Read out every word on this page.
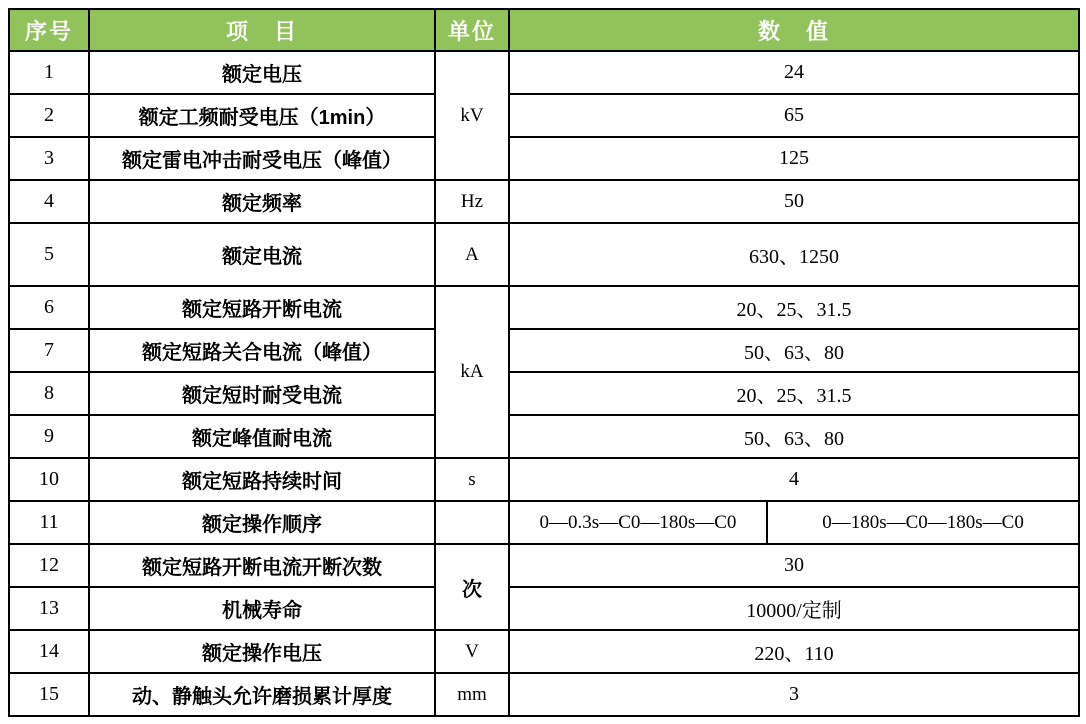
序号	项　目	单位	数　值	
1	额定电压	kV	24	
2	额定工频耐受电压（1min）		65	
3	额定雷电冲击耐受电压（峰值）		125	
4	额定频率	Hz	50	
5	额定电流	A	630、1250	
6	额定短路开断电流	kA	20、25、31.5	
7	额定短路关合电流（峰值）		50、63、80	
8	额定短时耐受电流		20、25、31.5	
9	额定峰值耐电流		50、63、80	
10	额定短路持续时间	s	4	
11	额定操作顺序		0—0.3s—C0—180s—C0	0—180s—C0—180s—C0
12	额定短路开断电流开断次数	次	30	
13	机械寿命		10000/定制	
14	额定操作电压	V	220、110	
15	动、静触头允许磨损累计厚度	mm	3	
